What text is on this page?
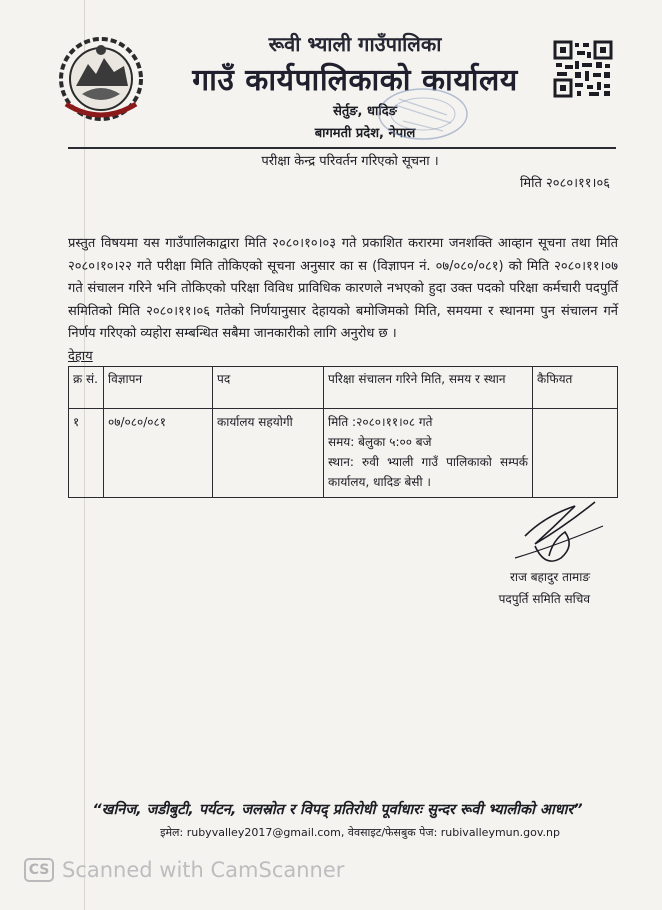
रूवी भ्याली गाउँपालिका
गाउँ कार्यपालिकाको कार्यालय
सेर्तुङ, धादिङ
बागमती प्रदेश, नेपाल
परीक्षा केन्द्र परिवर्तन गरिएको सूचना ।
मिति २०८०।११।०६

प्रस्तुत विषयमा यस गाउँपालिकाद्वारा मिति २०८०।१०।०३ गते प्रकाशित करारमा जनशक्ति आव्हान सूचना तथा मिति २०८०।१०।२२ गते परीक्षा मिति तोकिएको सूचना अनुसार का स (विज्ञापन नं. ०७/०८०/०८१) को मिति २०८०।११।०७ गते संचालन गरिने भनि तोकिएको परिक्षा विविध प्राविधिक कारणले नभएको हुदा उक्त पदको परिक्षा कर्मचारी पदपुर्ति समितिको मिति २०८०।११।०६ गतेको निर्णयानुसार देहायको बमोजिमको मिति, समयमा र स्थानमा पुन संचालन गर्ने निर्णय गरिएको व्यहोरा सम्बन्धित सबैमा जानकारीको लागि अनुरोध छ ।

देहाय
क्र सं.	विज्ञापन	पद	परिक्षा संचालन गरिने मिति, समय र स्थान	कैफियत
१	०७/०८०/०८१	कार्यालय सहयोगी	मिति :२०८०।११।०८ गते
समय: बेलुका ५:०० बजे
स्थान: रुवी भ्याली गाउँ पालिकाको सम्पर्क कार्यालय, धादिङ बेसी ।	

राज बहादुर तामाङ
पदपुर्ति समिति सचिव
“खनिज, जडीबुटी, पर्यटन, जलस्रोत र विपद् प्रतिरोधी पूर्वाधारः सुन्दर रूवी भ्यालीको आधार”
इमेल: rubyvalley2017@gmail.com, वेवसाइट/फेसबुक पेज: rubivalleymun.gov.np
CS Scanned with CamScanner
